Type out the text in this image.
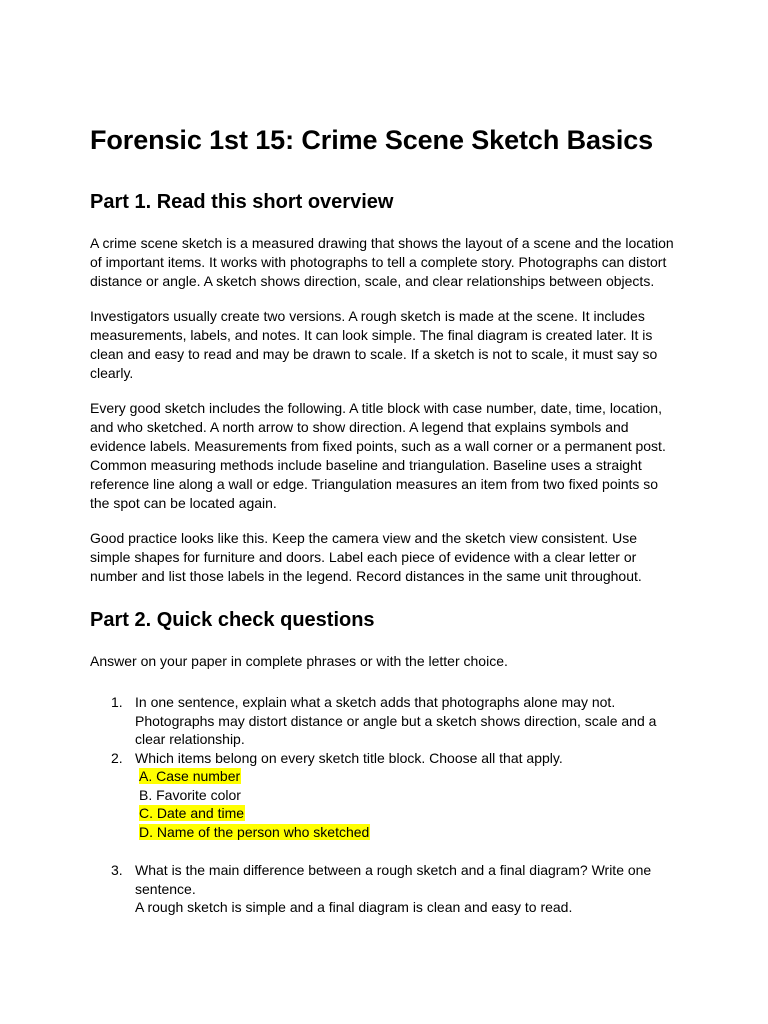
Forensic 1st 15: Crime Scene Sketch Basics
Part 1. Read this short overview

A crime scene sketch is a measured drawing that shows the layout of a scene and the location of important items. It works with photographs to tell a complete story. Photographs can distort distance or angle. A sketch shows direction, scale, and clear relationships between objects.

Investigators usually create two versions. A rough sketch is made at the scene. It includes measurements, labels, and notes. It can look simple. The final diagram is created later. It is clean and easy to read and may be drawn to scale. If a sketch is not to scale, it must say so clearly.

Every good sketch includes the following. A title block with case number, date, time, location, and who sketched. A north arrow to show direction. A legend that explains symbols and evidence labels. Measurements from fixed points, such as a wall corner or a permanent post. Common measuring methods include baseline and triangulation. Baseline uses a straight reference line along a wall or edge. Triangulation measures an item from two fixed points so the spot can be located again.

Good practice looks like this. Keep the camera view and the sketch view consistent. Use simple shapes for furniture and doors. Label each piece of evidence with a clear letter or number and list those labels in the legend. Record distances in the same unit throughout.

Part 2. Quick check questions

Answer on your paper in complete phrases or with the letter choice.

1. In one sentence, explain what a sketch adds that photographs alone may not.
Photographs may distort distance or angle but a sketch shows direction, scale and a clear relationship.
2. Which items belong on every sketch title block. Choose all that apply.
A. Case number
B. Favorite color
C. Date and time
D. Name of the person who sketched
3. What is the main difference between a rough sketch and a final diagram? Write one sentence.
A rough sketch is simple and a final diagram is clean and easy to read.
